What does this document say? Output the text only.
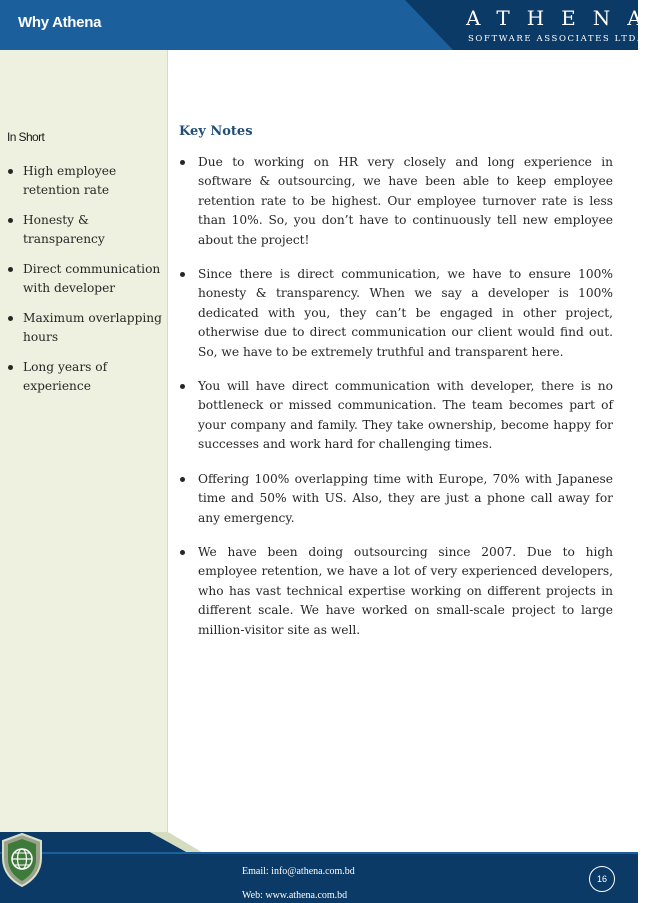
Why Athena	ATHENA
SOFTWARE ASSOCIATES LTD.
In Short
High employee retention rate
Honesty & transparency
Direct communication with developer
Maximum overlapping hours
Long years of experience
Key Notes
Due to working on HR very closely and long experience in software & outsourcing, we have been able to keep employee retention rate to be highest. Our employee turnover rate is less than 10%. So, you don’t have to continuously tell new employee about the project!
Since there is direct communication, we have to ensure 100% honesty & transparency. When we say a developer is 100% dedicated with you, they can’t be engaged in other project, otherwise due to direct communication our client would find out. So, we have to be extremely truthful and transparent here.
You will have direct communication with developer, there is no bottleneck or missed communication. The team becomes part of your company and family. They take ownership, become happy for successes and work hard for challenging times.
Offering 100% overlapping time with Europe, 70% with Japanese time and 50% with US. Also, they are just a phone call away for any emergency.
We have been doing outsourcing since 2007. Due to high employee retention, we have a lot of very experienced developers, who has vast technical expertise working on different projects in different scale. We have worked on small-scale project to large million-visitor site as well.
Email: info@athena.com.bd
Web: www.athena.com.bd
16
